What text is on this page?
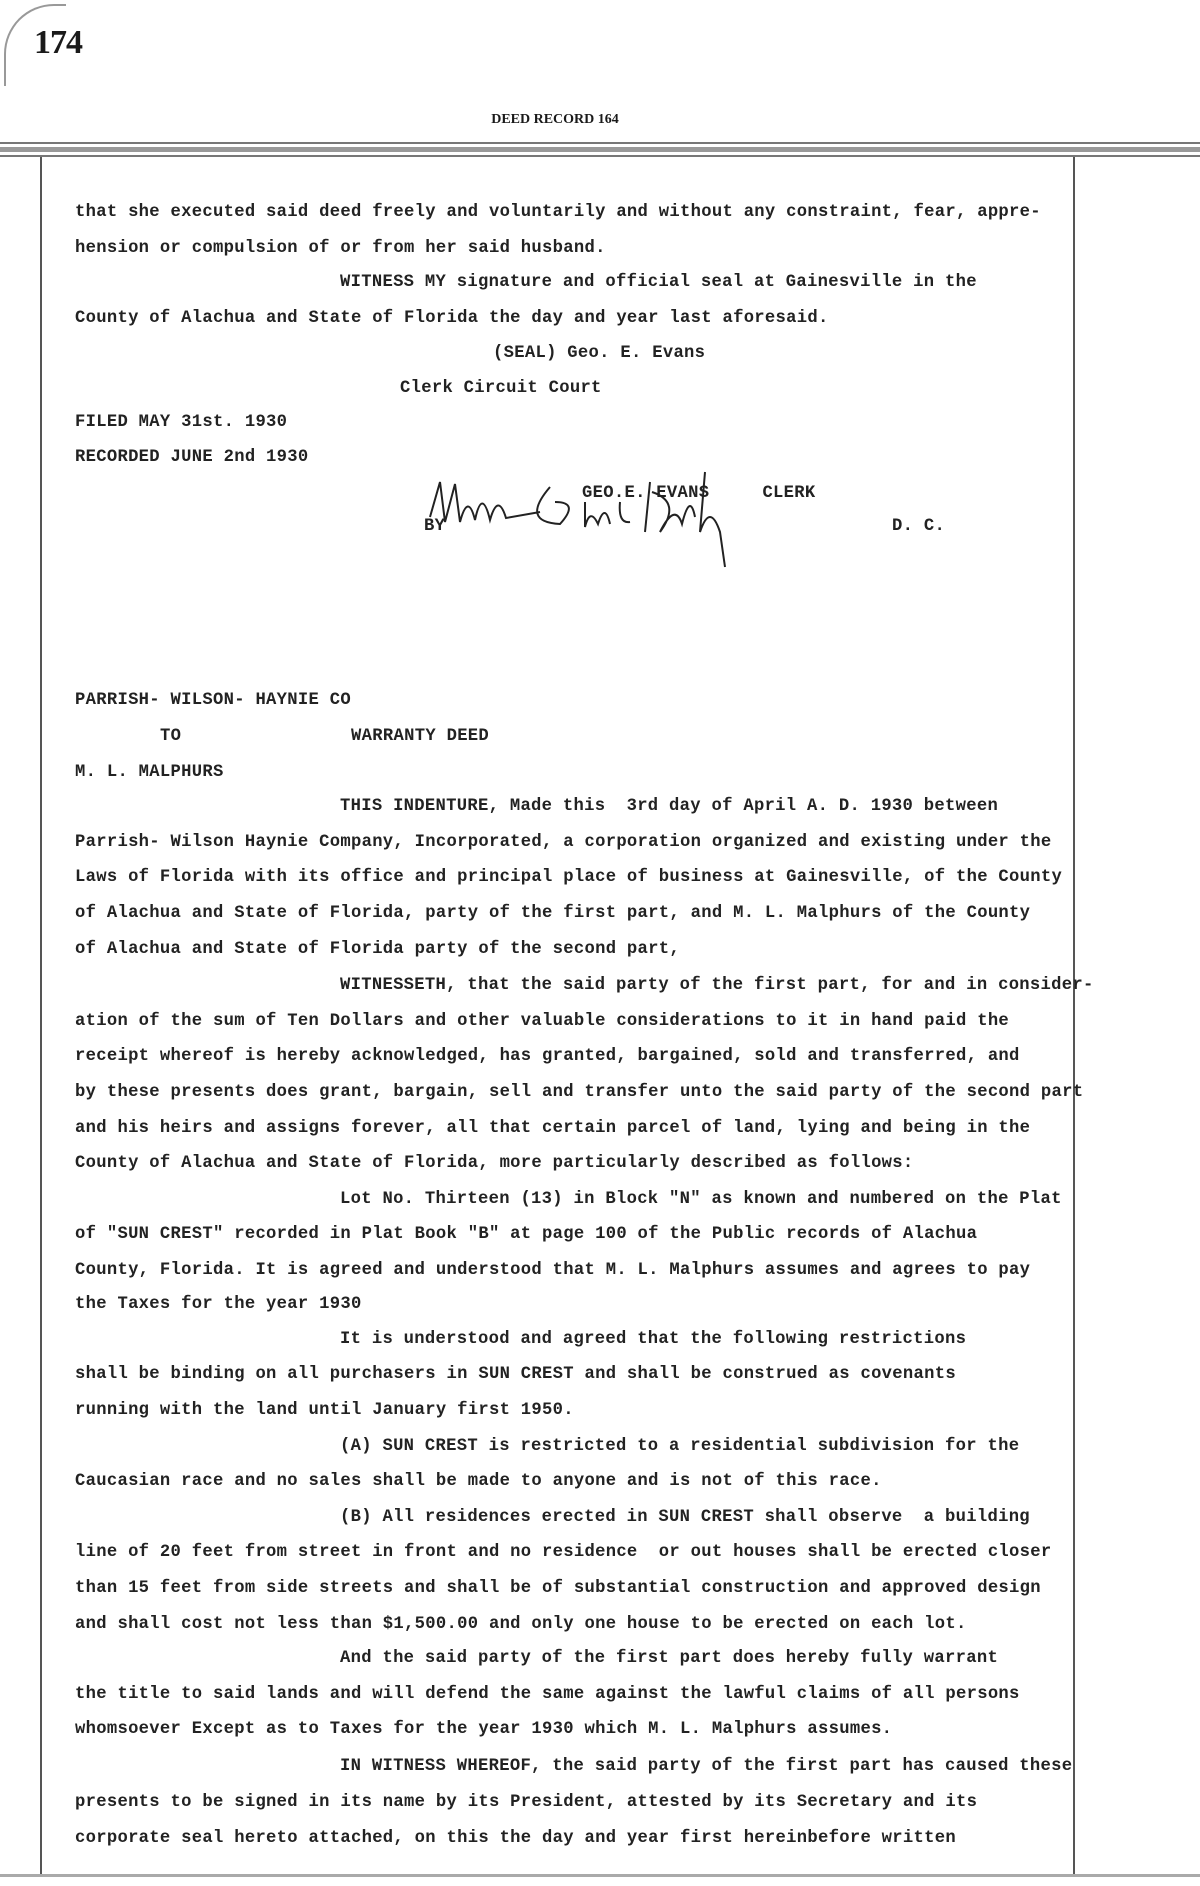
174
DEED RECORD 164
that she executed said deed freely and voluntarily and without any constraint, fear, appre-
hension or compulsion of or from her said husband.
WITNESS MY signature and official seal at Gainesville in the
County of Alachua and State of Florida the day and year last aforesaid.
(SEAL) Geo. E. Evans
Clerk Circuit Court
FILED MAY 31st. 1930
RECORDED JUNE 2nd 1930
GEO.E. EVANS     CLERK
BY	D. C.
PARRISH- WILSON- HAYNIE CO
TO                WARRANTY DEED
M. L. MALPHURS
THIS INDENTURE, Made this  3rd day of April A. D. 1930 between
Parrish- Wilson Haynie Company, Incorporated, a corporation organized and existing under the
Laws of Florida with its office and principal place of business at Gainesville, of the County
of Alachua and State of Florida, party of the first part, and M. L. Malphurs of the County
of Alachua and State of Florida party of the second part,
WITNESSETH, that the said party of the first part, for and in consider-
ation of the sum of Ten Dollars and other valuable considerations to it in hand paid the
receipt whereof is hereby acknowledged, has granted, bargained, sold and transferred, and
by these presents does grant, bargain, sell and transfer unto the said party of the second part
and his heirs and assigns forever, all that certain parcel of land, lying and being in the
County of Alachua and State of Florida, more particularly described as follows:
Lot No. Thirteen (13) in Block "N" as known and numbered on the Plat
of "SUN CREST" recorded in Plat Book "B" at page 100 of the Public records of Alachua
County, Florida. It is agreed and understood that M. L. Malphurs assumes and agrees to pay
the Taxes for the year 1930
It is understood and agreed that the following restrictions
shall be binding on all purchasers in SUN CREST and shall be construed as covenants
running with the land until January first 1950.
(A) SUN CREST is restricted to a residential subdivision for the
Caucasian race and no sales shall be made to anyone and is not of this race.
(B) All residences erected in SUN CREST shall observe  a building
line of 20 feet from street in front and no residence  or out houses shall be erected closer
than 15 feet from side streets and shall be of substantial construction and approved design
and shall cost not less than $1,500.00 and only one house to be erected on each lot.
And the said party of the first part does hereby fully warrant
the title to said lands and will defend the same against the lawful claims of all persons
whomsoever Except as to Taxes for the year 1930 which M. L. Malphurs assumes.
IN WITNESS WHEREOF, the said party of the first part has caused these
presents to be signed in its name by its President, attested by its Secretary and its
corporate seal hereto attached, on this the day and year first hereinbefore written
